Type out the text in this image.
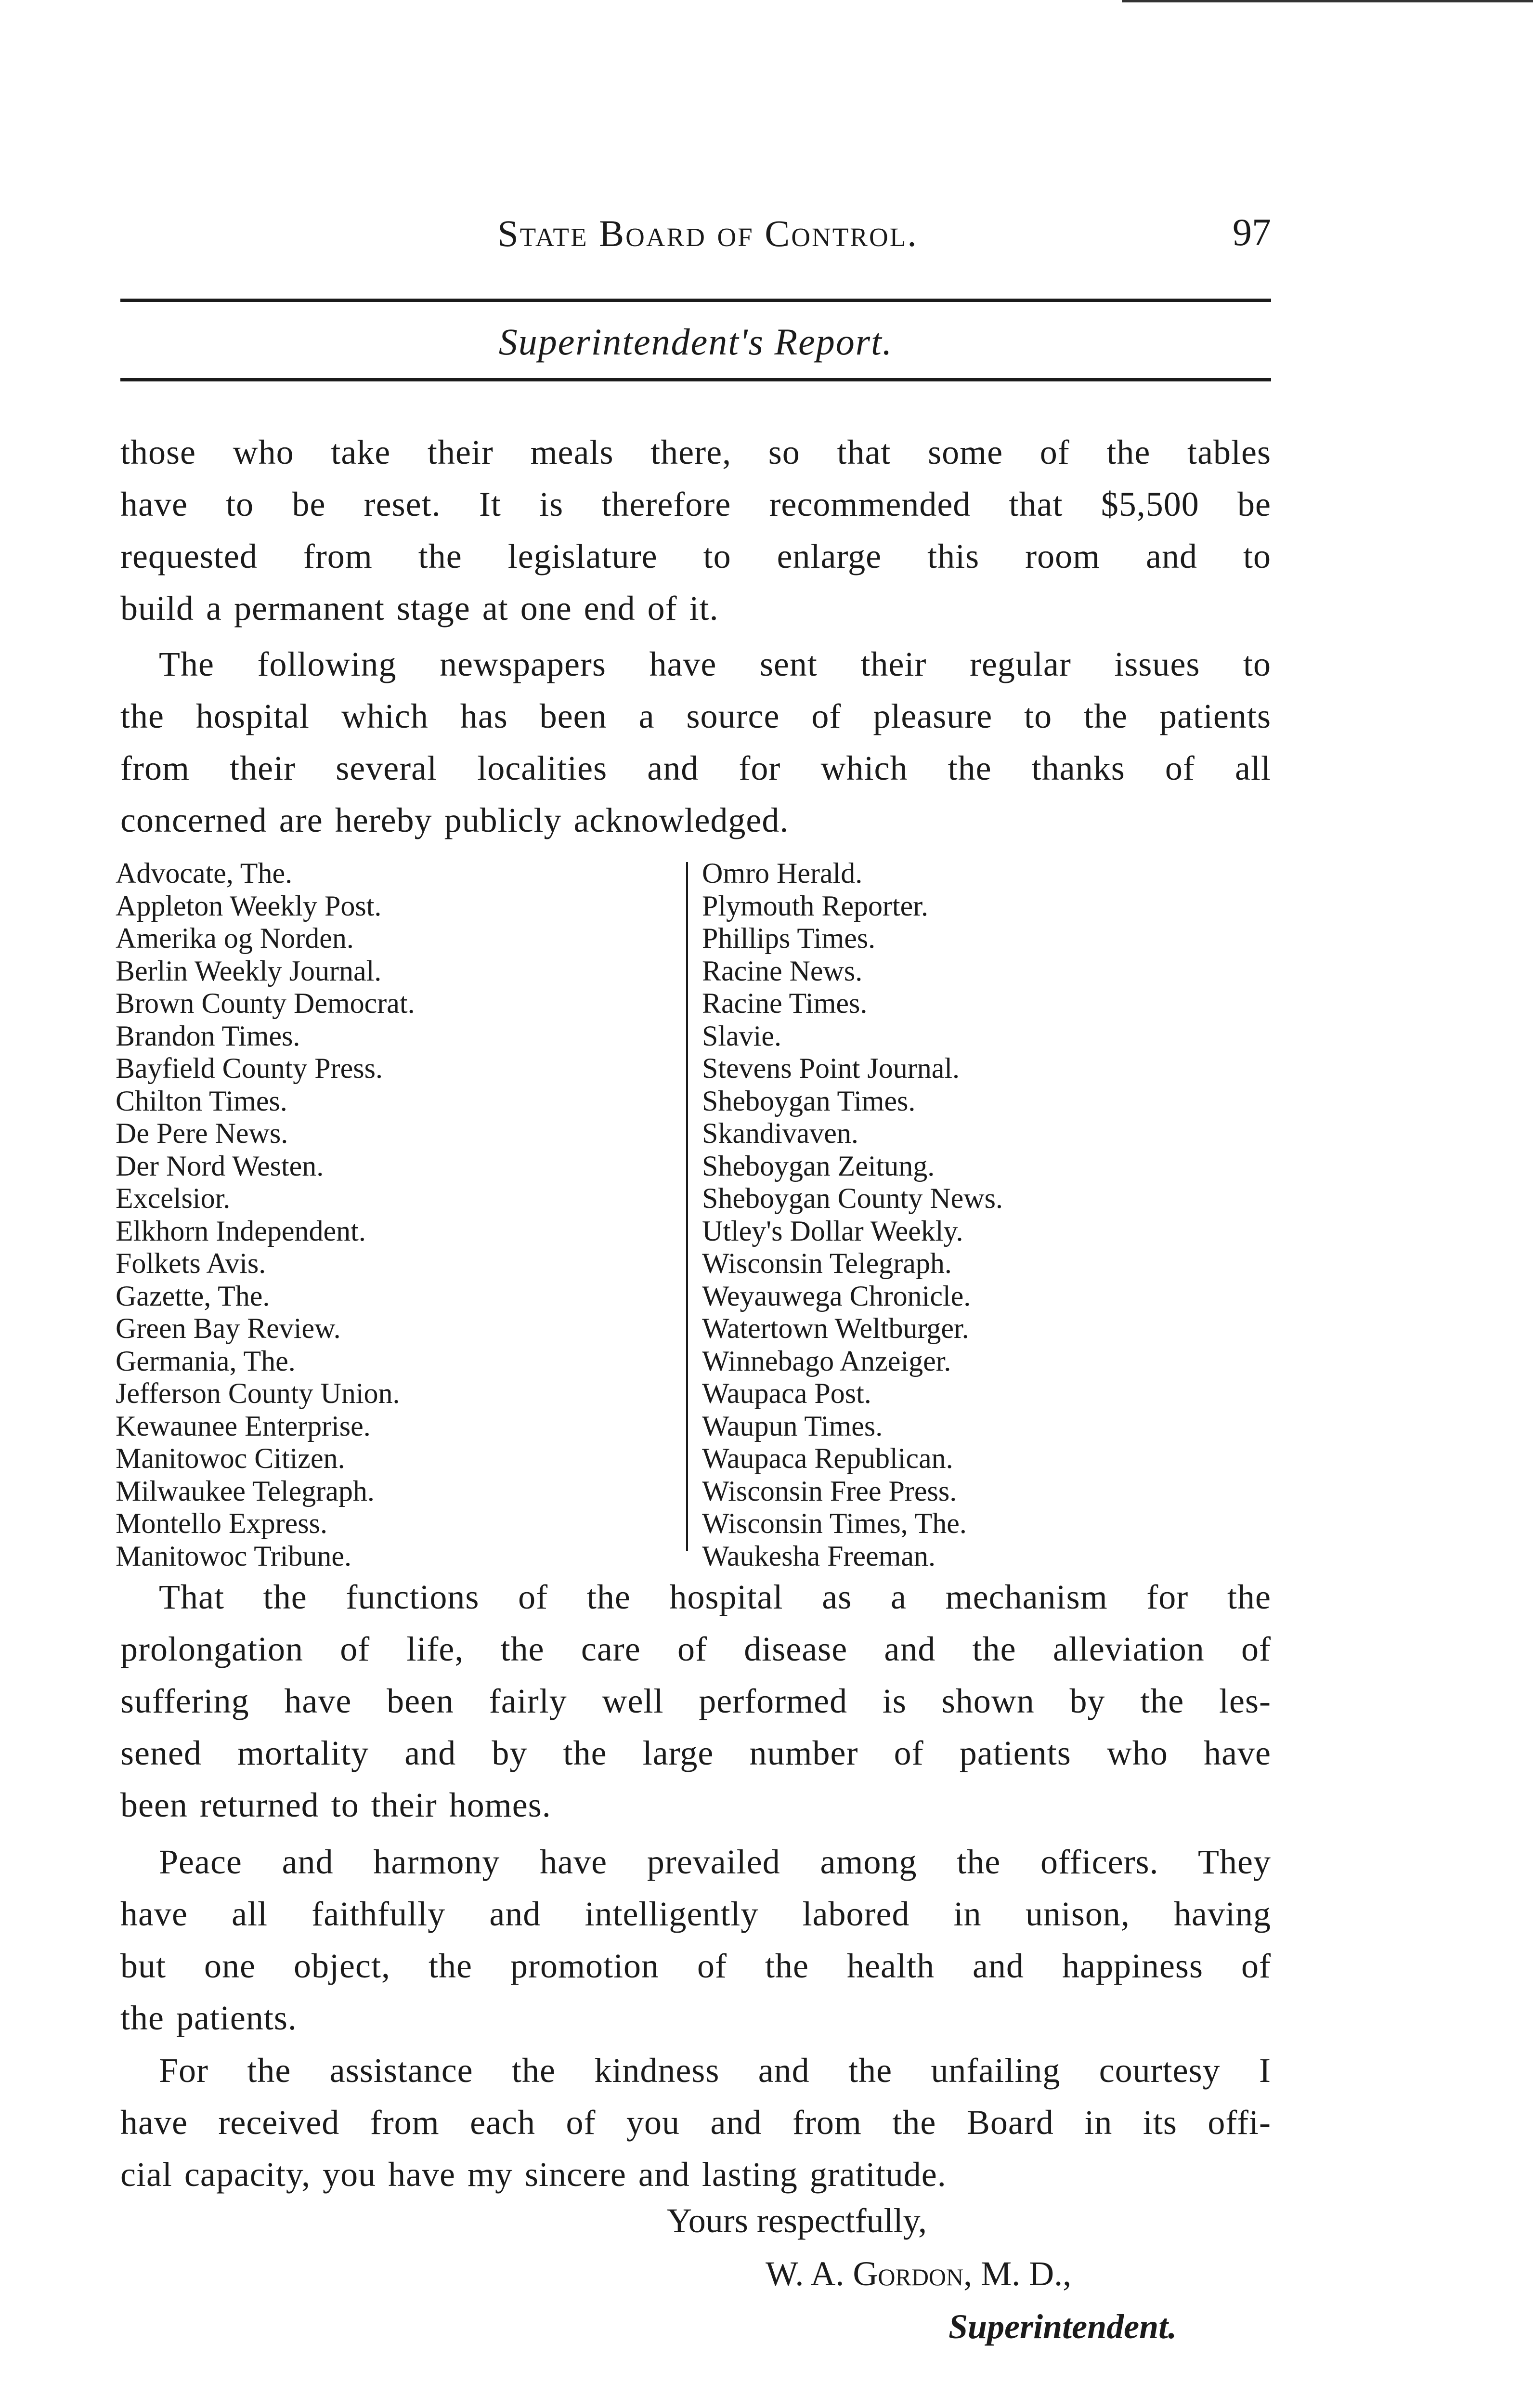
State Board of Control.	97
Superintendent's Report.
those who take their meals there, so that some of the tables
have to be reset. It is therefore recommended that $5,500 be
requested from the legislature to enlarge this room and to
build a permanent stage at one end of it.
The following newspapers have sent their regular issues to
the hospital which has been a source of pleasure to the patients
from their several localities and for which the thanks of all
concerned are hereby publicly acknowledged.
Advocate, The.
Appleton Weekly Post.
Amerika og Norden.
Berlin Weekly Journal.
Brown County Democrat.
Brandon Times.
Bayfield County Press.
Chilton Times.
De Pere News.
Der Nord Westen.
Excelsior.
Elkhorn Independent.
Folkets Avis.
Gazette, The.
Green Bay Review.
Germania, The.
Jefferson County Union.
Kewaunee Enterprise.
Manitowoc Citizen.
Milwaukee Telegraph.
Montello Express.
Manitowoc Tribune.
Omro Herald.
Plymouth Reporter.
Phillips Times.
Racine News.
Racine Times.
Slavie.
Stevens Point Journal.
Sheboygan Times.
Skandivaven.
Sheboygan Zeitung.
Sheboygan County News.
Utley's Dollar Weekly.
Wisconsin Telegraph.
Weyauwega Chronicle.
Watertown Weltburger.
Winnebago Anzeiger.
Waupaca Post.
Waupun Times.
Waupaca Republican.
Wisconsin Free Press.
Wisconsin Times, The.
Waukesha Freeman.
That the functions of the hospital as a mechanism for the
prolongation of life, the care of disease and the alleviation of
suffering have been fairly well performed is shown by the les-
sened mortality and by the large number of patients who have
been returned to their homes.
Peace and harmony have prevailed among the officers. They
have all faithfully and intelligently labored in unison, having
but one object, the promotion of the health and happiness of
the patients.
For the assistance the kindness and the unfailing courtesy I
have received from each of you and from the Board in its offi-
cial capacity, you have my sincere and lasting gratitude.
Yours respectfully,
W. A. Gordon, M. D.,
Superintendent.
